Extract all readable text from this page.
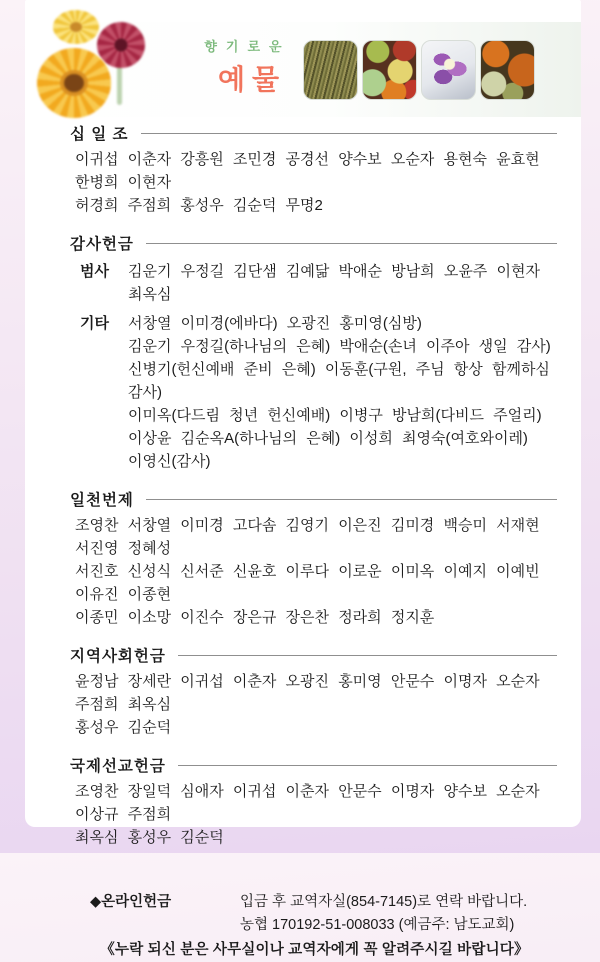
향기로운
예물
십 일 조
이귀섭 이춘자 강흥원 조민경 공경선 양수보 오순자 용현숙 윤효현 한병희 이현자
허경희 주점희 홍성우 김순덕 무명2
감사헌금
범사	김운기 우정길 김단샘 김예닮 박애순 방남희 오윤주 이현자 최옥심
기타	서창열 이미경(에바다) 오광진 홍미영(심방)
김운기 우정길(하나님의 은혜) 박애순(손녀 이주아 생일 감사)
신병기(헌신예배 준비 은혜) 이동훈(구원, 주님 항상 함께하심 감사)
이미옥(다드림 청년 헌신예배) 이병구 방남희(다비드 주얼리)
이상윤 김순옥A(하나님의 은혜) 이성희 최영숙(여호와이레)
이영신(감사)
일천번제
조영찬 서창열 이미경 고다솜 김영기 이은진 김미경 백승미 서재현 서진영 정혜성
서진호 신성식 신서준 신윤호 이루다 이로운 이미옥 이예지 이예빈 이유진 이종현
이종민 이소망 이진수 장은규 장은찬 정라희 정지훈
지역사회헌금
윤정남 장세란 이귀섭 이춘자 오광진 홍미영 안문수 이명자 오순자 주점희 최옥심
홍성우 김순덕
국제선교헌금
조영찬 장일덕 심애자 이귀섭 이춘자 안문수 이명자 양수보 오순자 이상규 주점희
최옥심 홍성우 김순덕
◆온라인헌금	입금 후 교역자실(854-7145)로 연락 바랍니다.
농협 170192-51-008033 (예금주: 남도교회)
《누락 되신 분은 사무실이나 교역자에게 꼭 알려주시길 바랍니다》
